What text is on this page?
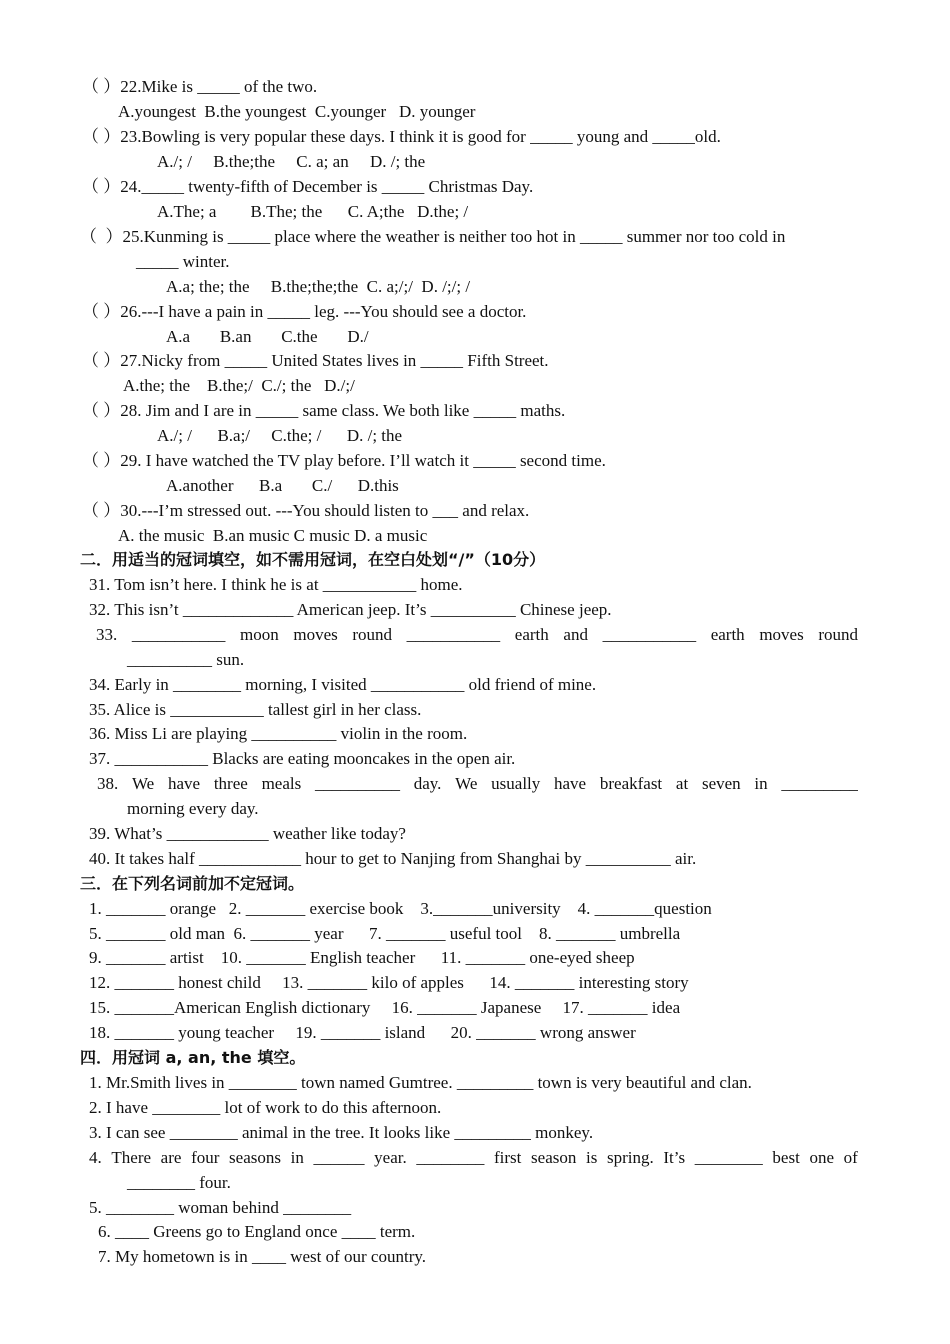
（ ）22.Mike is _____ of the two.
A.youngest  B.the youngest  C.younger   D. younger
（ ）23.Bowling is very popular these days. I think it is good for _____ young and _____old.
A./; /     B.the;the     C. a; an     D. /; the
（ ）24._____ twenty-fifth of December is _____ Christmas Day.
A.The; a        B.The; the      C. A;the   D.the; /
（  ）25.Kunming is _____ place where the weather is neither too hot in _____ summer nor too cold in
_____ winter.
A.a; the; the     B.the;the;the  C. a;/;/  D. /;/; /
（ ）26.---I have a pain in _____ leg. ---You should see a doctor.
A.a       B.an       C.the       D./
（ ）27.Nicky from _____ United States lives in _____ Fifth Street.
A.the; the    B.the;/  C./; the   D./;/
（ ）28. Jim and I are in _____ same class. We both like _____ maths.
A./; /      B.a;/     C.the; /      D. /; the
（ ）29. I have watched the TV play before. I’ll watch it _____ second time.
A.another      B.a       C./      D.this
（ ）30.---I’m stressed out. ---You should listen to ___ and relax.
A. the music  B.an music C music D. a music
二．用适当的冠词填空，如不需用冠词，在空白处划“/”（10分）
31. Tom isn’t here. I think he is at ___________ home.
32. This isn’t _____________ American jeep. It’s __________ Chinese jeep.
33. ___________ moon moves round ___________ earth and ___________ earth moves round
__________ sun.
34. Early in ________ morning, I visited ___________ old friend of mine.
35. Alice is ___________ tallest girl in her class.
36. Miss Li are playing __________ violin in the room.
37. ___________ Blacks are eating mooncakes in the open air.
38. We have three meals __________ day. We usually have breakfast at seven in _________
morning every day.
39. What’s ____________ weather like today?
40. It takes half ____________ hour to get to Nanjing from Shanghai by __________ air.
三．在下列名词前加不定冠词。
1. _______ orange   2. _______ exercise book    3._______university    4. _______question
5. _______ old man  6. _______ year      7. _______ useful tool    8. _______ umbrella
9. _______ artist    10. _______ English teacher      11. _______ one-eyed sheep
12. _______ honest child     13. _______ kilo of apples      14. _______ interesting story
15. _______American English dictionary     16. _______ Japanese     17. _______ idea
18. _______ young teacher     19. _______ island      20. _______ wrong answer
四．用冠词 a, an, the 填空。
1. Mr.Smith lives in ________ town named Gumtree. _________ town is very beautiful and clan.
2. I have ________ lot of work to do this afternoon.
3. I can see ________ animal in the tree. It looks like _________ monkey.
4. There are four seasons in ______ year. ________ first season is spring. It’s ________ best one of
________ four.
5. ________ woman behind ________
6. ____ Greens go to England once ____ term.
7. My hometown is in ____ west of our country.
